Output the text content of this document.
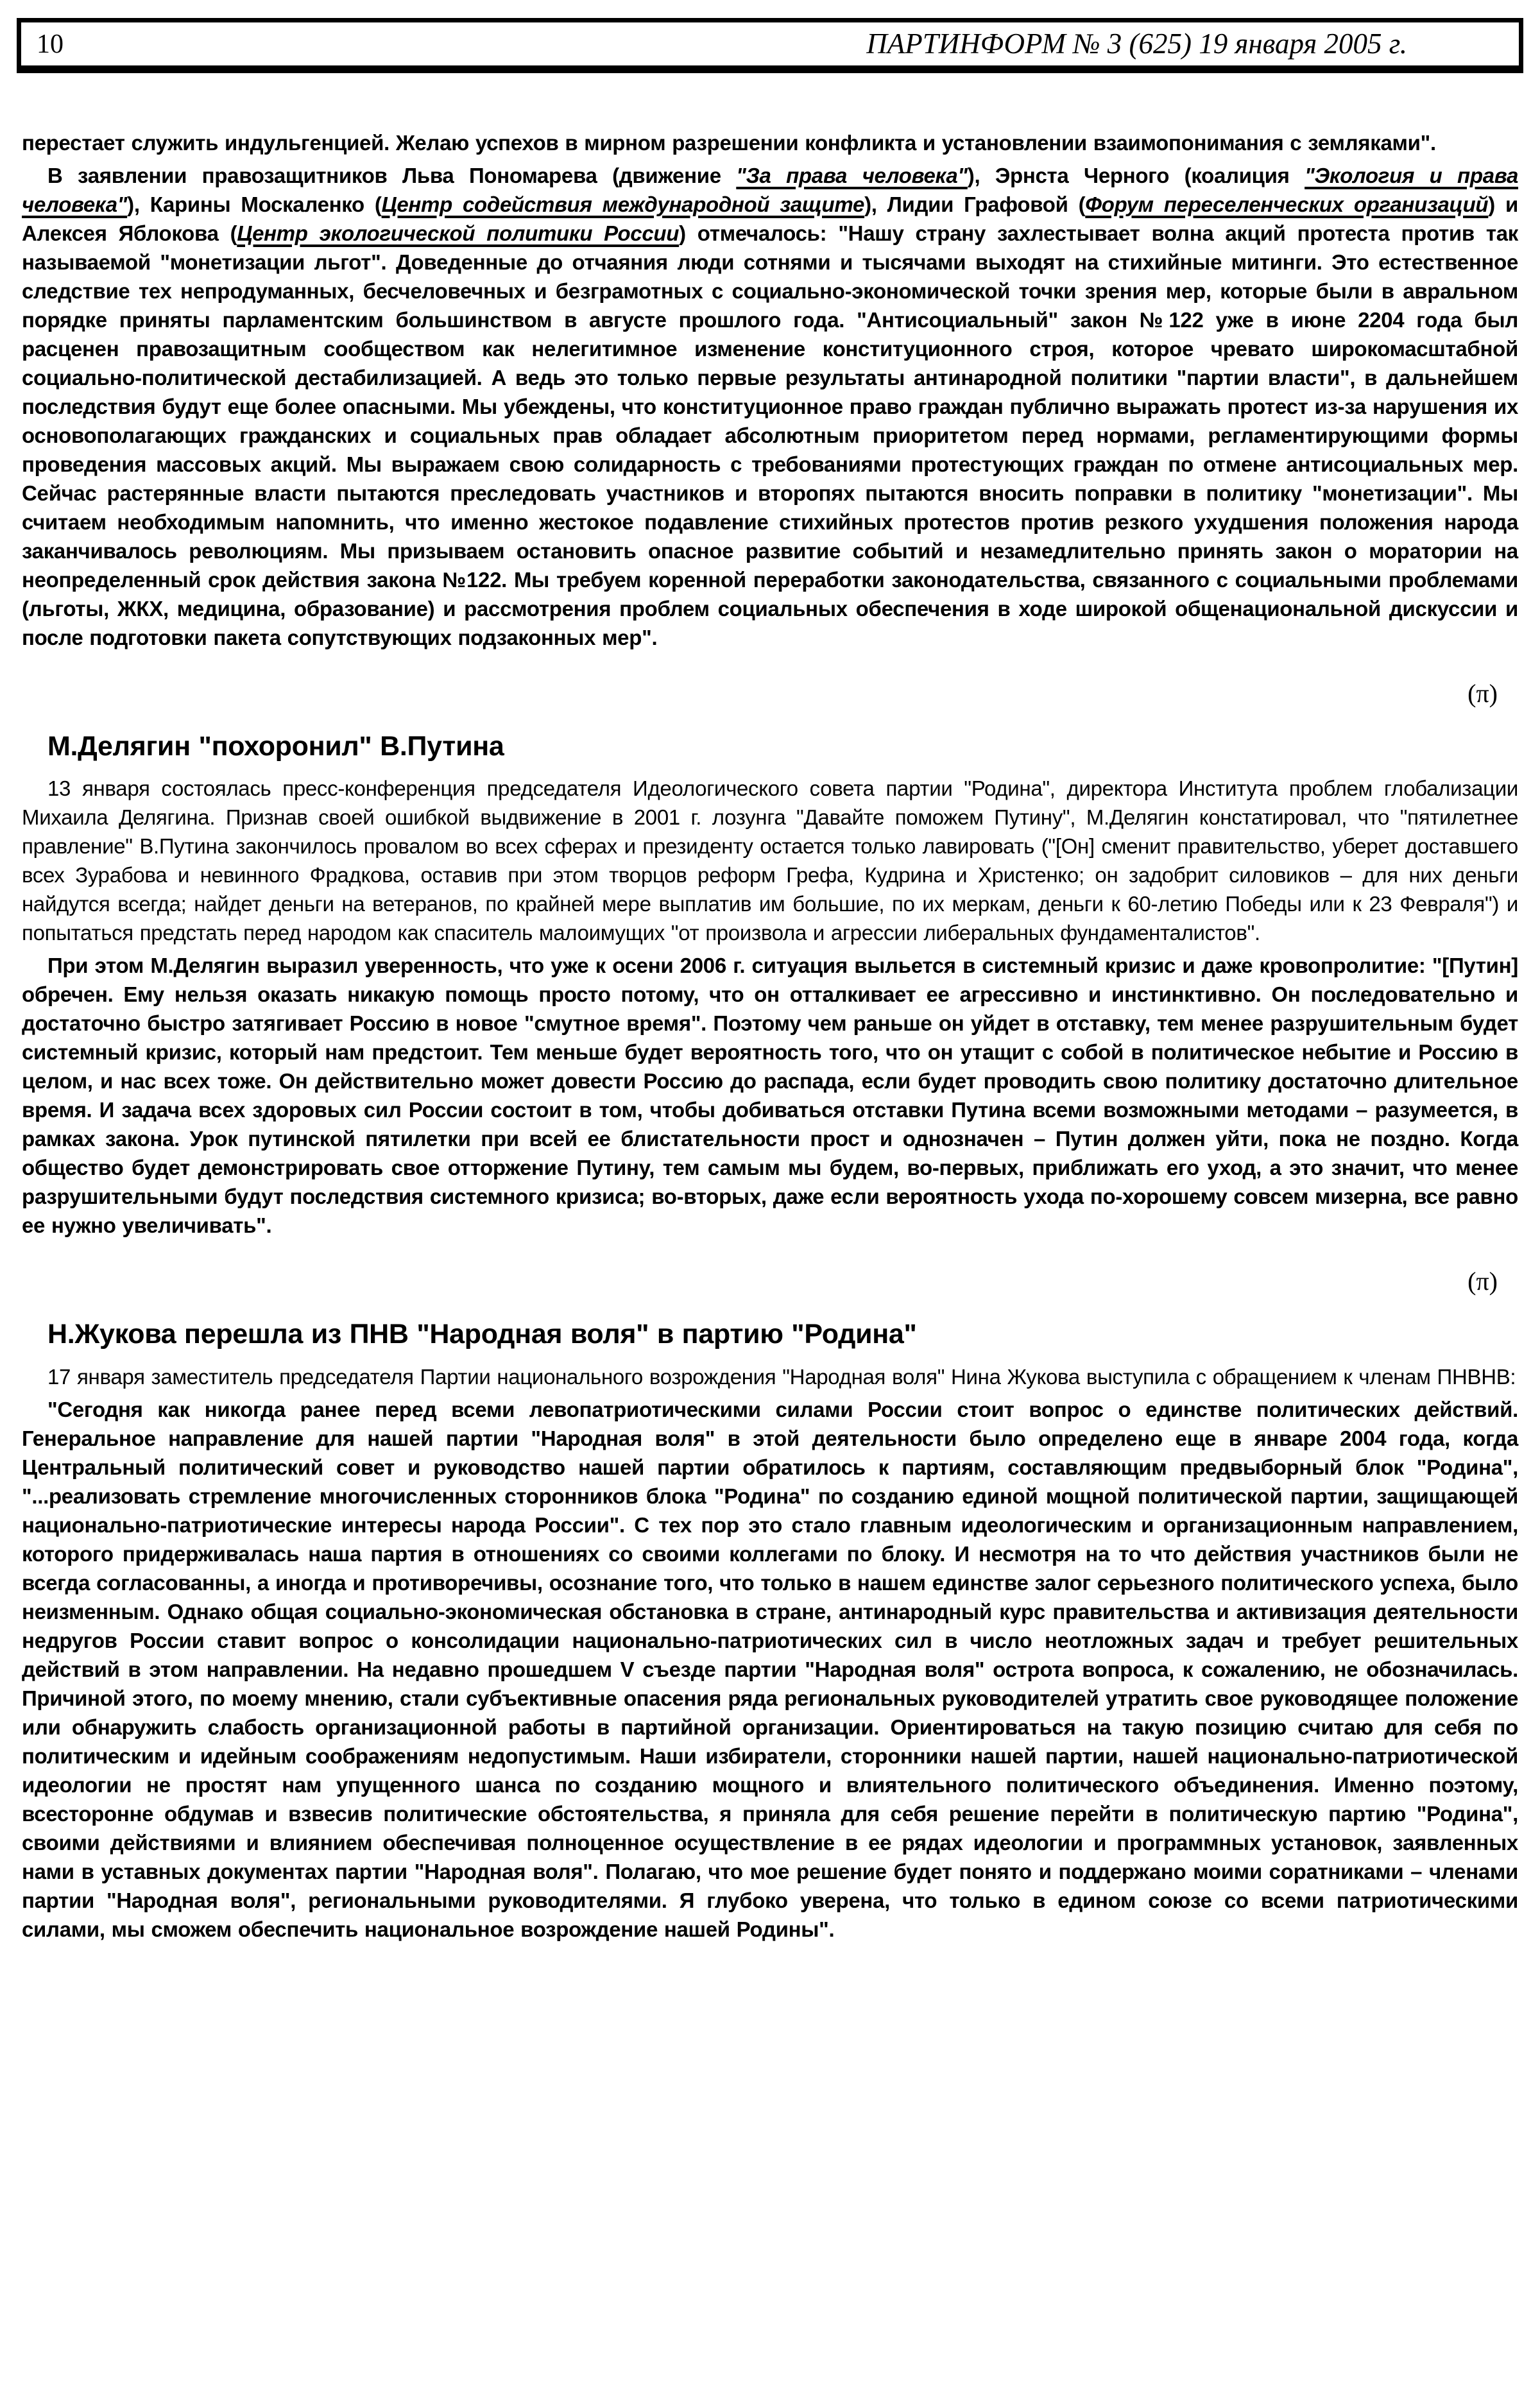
10	ПАРТИНФОРМ № 3 (625) 19 января 2005 г.

перестает служить индульгенцией. Желаю успехов в мирном разрешении конфликта и установлении взаимопонимания с земляками".

В заявлении правозащитников Льва Пономарева (движение "За права человека"), Эрнста Черного (коалиция "Экология и права человека"), Карины Москаленко (Центр содействия международной защите), Лидии Графовой (Форум переселенческих организаций) и Алексея Яблокова (Центр экологической политики России) отмечалось: "Нашу страну захлестывает волна акций протеста против так называемой "монетизации льгот". Доведенные до отчаяния люди сотнями и тысячами выходят на стихийные митинги. Это естественное следствие тех непродуманных, бесчеловечных и безграмотных с социально-экономической точки зрения мер, которые были в авральном порядке приняты парламентским большинством в августе прошлого года. "Антисоциальный" закон №122 уже в июне 2204 года был расценен правозащитным сообществом как нелегитимное изменение конституционного строя, которое чревато широкомасштабной социально-политической дестабилизацией. А ведь это только первые результаты антинародной политики "партии власти", в дальнейшем последствия будут еще более опасными. Мы убеждены, что конституционное право граждан публично выражать протест из-за нарушения их основополагающих гражданских и социальных прав обладает абсолютным приоритетом перед нормами, регламентирующими формы проведения массовых акций. Мы выражаем свою солидарность с требованиями протестующих граждан по отмене антисоциальных мер. Сейчас растерянные власти пытаются преследовать участников и второпях пытаются вносить поправки в политику "монетизации". Мы считаем необходимым напомнить, что именно жестокое подавление стихийных протестов против резкого ухудшения положения народа заканчивалось революциям. Мы призываем остановить опасное развитие событий и незамедлительно принять закон о моратории на неопределенный срок действия закона №122. Мы требуем коренной переработки законодательства, связанного с социальными проблемами (льготы, ЖКХ, медицина, образование) и рассмотрения проблем социальных обеспечения в ходе широкой общенациональной дискуссии и после подготовки пакета сопутствующих подзаконных мер".

(π)
М.Делягин "похоронил" В.Путина

13 января состоялась пресс-конференция председателя Идеологического совета партии "Родина", директора Института проблем глобализации Михаила Делягина. Признав своей ошибкой выдвижение в 2001 г. лозунга "Давайте поможем Путину", М.Делягин констатировал, что "пятилетнее правление" В.Путина закончилось провалом во всех сферах и президенту остается только лавировать ("[Он] сменит правительство, уберет доставшего всех Зурабова и невинного Фрадкова, оставив при этом творцов реформ Грефа, Кудрина и Христенко; он задобрит силовиков – для них деньги найдутся всегда; найдет деньги на ветеранов, по крайней мере выплатив им большие, по их меркам, деньги к 60-летию Победы или к 23 Февраля") и попытаться предстать перед народом как спаситель малоимущих "от произвола и агрессии либеральных фундаменталистов".

При этом М.Делягин выразил уверенность, что уже к осени 2006 г. ситуация выльется в системный кризис и даже кровопролитие: "[Путин] обречен. Ему нельзя оказать никакую помощь просто потому, что он отталкивает ее агрессивно и инстинктивно. Он последовательно и достаточно быстро затягивает Россию в новое "смутное время". Поэтому чем раньше он уйдет в отставку, тем менее разрушительным будет системный кризис, который нам предстоит. Тем меньше будет вероятность того, что он утащит с собой в политическое небытие и Россию в целом, и нас всех тоже. Он действительно может довести Россию до распада, если будет проводить свою политику достаточно длительное время. И задача всех здоровых сил России состоит в том, чтобы добиваться отставки Путина всеми возможными методами – разумеется, в рамках закона. Урок путинской пятилетки при всей ее блистательности прост и однозначен – Путин должен уйти, пока не поздно. Когда общество будет демонстрировать свое отторжение Путину, тем самым мы будем, во-первых, приближать его уход, а это значит, что менее разрушительными будут последствия системного кризиса; во-вторых, даже если вероятность ухода по-хорошему совсем мизерна, все равно ее нужно увеличивать".

(π)
Н.Жукова перешла из ПНВ "Народная воля" в партию "Родина"

17 января заместитель председателя Партии национального возрождения "Народная воля" Нина Жукова выступила с обращением к членам ПНВНВ:

"Сегодня как никогда ранее перед всеми левопатриотическими силами России стоит вопрос о единстве политических действий. Генеральное направление для нашей партии "Народная воля" в этой деятельности было определено еще в январе 2004 года, когда Центральный политический совет и руководство нашей партии обратилось к партиям, составляющим предвыборный блок "Родина", "...реализовать стремление многочисленных сторонников блока "Родина" по созданию единой мощной политической партии, защищающей национально-патриотические интересы народа России". С тех пор это стало главным идеологическим и организационным направлением, которого придерживалась наша партия в отношениях со своими коллегами по блоку. И несмотря на то что действия участников были не всегда согласованны, а иногда и противоречивы, осознание того, что только в нашем единстве залог серьезного политического успеха, было неизменным. Однако общая социально-экономическая обстановка в стране, антинародный курс правительства и активизация деятельности недругов России ставит вопрос о консолидации национально-патриотических сил в число неотложных задач и требует решительных действий в этом направлении. На недавно прошедшем V съезде партии "Народная воля" острота вопроса, к сожалению, не обозначилась. Причиной этого, по моему мнению, стали субъективные опасения ряда региональных руководителей утратить свое руководящее положение или обнаружить слабость организационной работы в партийной организации. Ориентироваться на такую позицию считаю для себя по политическим и идейным соображениям недопустимым. Наши избиратели, сторонники нашей партии, нашей национально-патриотической идеологии не простят нам упущенного шанса по созданию мощного и влиятельного политического объединения. Именно поэтому, всесторонне обдумав и взвесив политические обстоятельства, я приняла для себя решение перейти в политическую партию "Родина", своими действиями и влиянием обеспечивая полноценное осуществление в ее рядах идеологии и программных установок, заявленных нами в уставных документах партии "Народная воля". Полагаю, что мое решение будет понято и поддержано моими соратниками – членами партии "Народная воля", региональными руководителями. Я глубоко уверена, что только в едином союзе со всеми патриотическими силами, мы сможем обеспечить национальное возрождение нашей Родины".
